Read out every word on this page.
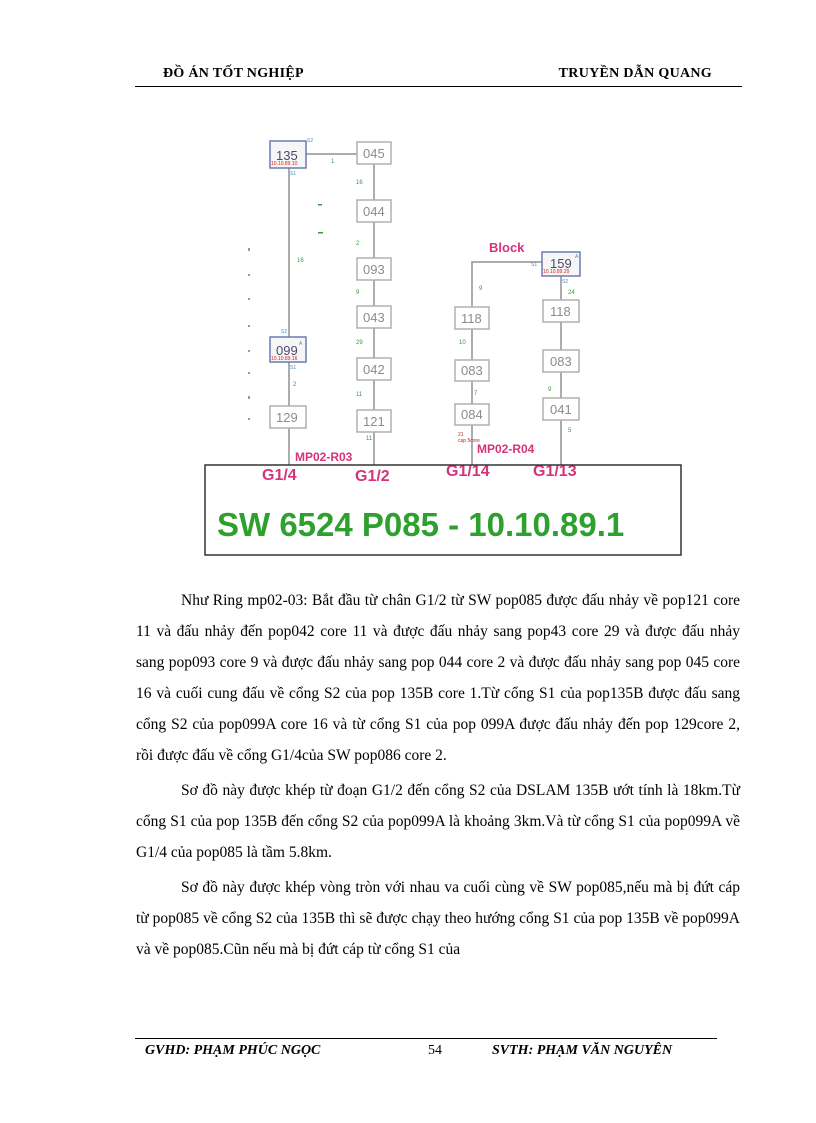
ĐỒ ÁN TỐT NGHIỆP	TRUYỀN DẪN QUANG
135
10.10.89.10
S2
S1
099
10.10.89.16
S2
S1
A
129
045
044
093
043
042
121
118
083
084
159
10.10.89.29
S1
S2
A
118
083
041
1
16
16
2
2
9
29
11
11
9
10
7
24
9
5
21
cap 5core
Block
MP02-R03
MP02-R04
G1/4	G1/2	G1/14	G1/13
SW 6524 P085 - 10.10.89.1

Như Ring mp02-03: Bắt đầu từ chân G1/2 từ SW pop085 được đấu nhảy về pop121 core 11 và đấu nhảy đến pop042 core 11 và được đấu nhảy sang pop43 core 29 và được đấu nhảy sang pop093 core 9 và được đấu nhảy sang pop 044 core 2 và được đấu nhảy sang pop 045 core 16 và cuối cung đấu về cổng S2 của pop 135B core 1.Từ cổng S1 của pop135B được đấu sang cổng S2 của pop099A core 16 và từ cổng S1 của pop 099A được đấu nhảy đến pop 129core 2, rồi được đấu về cổng G1/4của SW pop086 core 2.

Sơ đồ này được khép từ đoạn G1/2 đến cổng S2 của DSLAM 135B ướt tính là 18km.Từ cổng S1 của pop 135B đến cổng S2 của pop099A là khoảng 3km.Và từ cổng S1 của pop099A về G1/4 của pop085 là tầm 5.8km.

Sơ đồ này được khép vòng tròn với nhau va cuối cùng về SW pop085,nếu mà bị đứt cáp từ pop085 về cổng S2 của 135B thì sẽ được chạy theo hướng cổng S1 của pop 135B về pop099A và về pop085.Cũn nếu mà bị đứt cáp từ cổng S1 của

GVHD: PHẠM PHÚC NGỌC	54	SVTH: PHẠM VĂN NGUYÊN
